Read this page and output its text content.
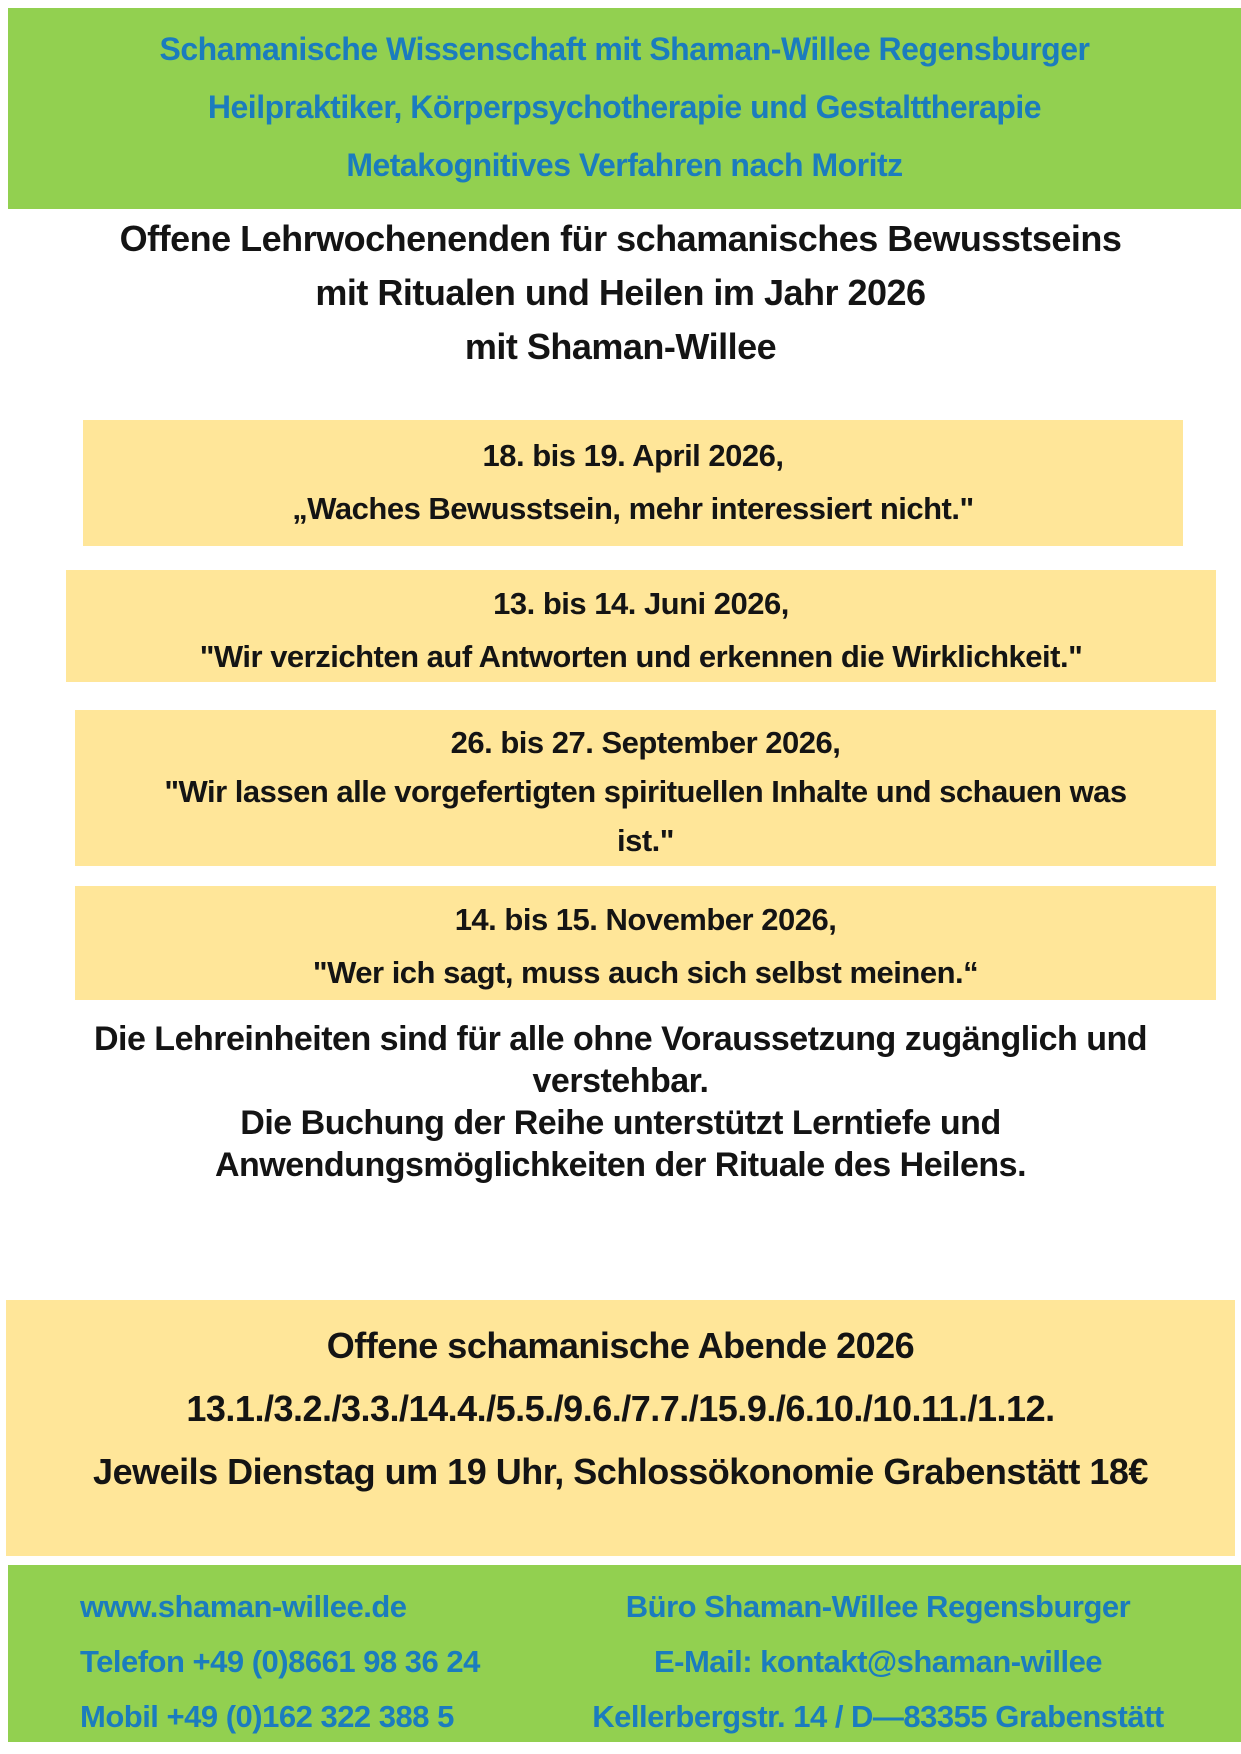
Schamanische Wissenschaft mit Shaman-Willee Regensburger
Heilpraktiker, Körperpsychotherapie und Gestalttherapie
Metakognitives Verfahren nach Moritz
Offene Lehrwochenenden für schamanisches Bewusstseins
mit Ritualen und Heilen im Jahr 2026
mit Shaman-Willee
18. bis 19. April 2026,
„Waches Bewusstsein, mehr interessiert nicht."
13. bis 14. Juni 2026,
"Wir verzichten auf Antworten und erkennen die Wirklichkeit."
26. bis 27. September 2026,
"Wir lassen alle vorgefertigten spirituellen Inhalte und schauen was
ist."
14. bis 15. November 2026,
"Wer ich sagt, muss auch sich selbst meinen.“
Die Lehreinheiten sind für alle ohne Voraussetzung zugänglich und
verstehbar.
Die Buchung der Reihe unterstützt Lerntiefe und
Anwendungsmöglichkeiten der Rituale des Heilens.
Offene schamanische Abende 2026
13.1./3.2./3.3./14.4./5.5./9.6./7.7./15.9./6.10./10.11./1.12.
Jeweils Dienstag um 19 Uhr, Schlossökonomie Grabenstätt 18€
www.shaman-willee.de
Telefon +49 (0)8661 98 36 24
Mobil +49 (0)162 322 388 5
Büro Shaman-Willee Regensburger
E-Mail: kontakt@shaman-willee
Kellerbergstr. 14 / D—83355 Grabenstätt
